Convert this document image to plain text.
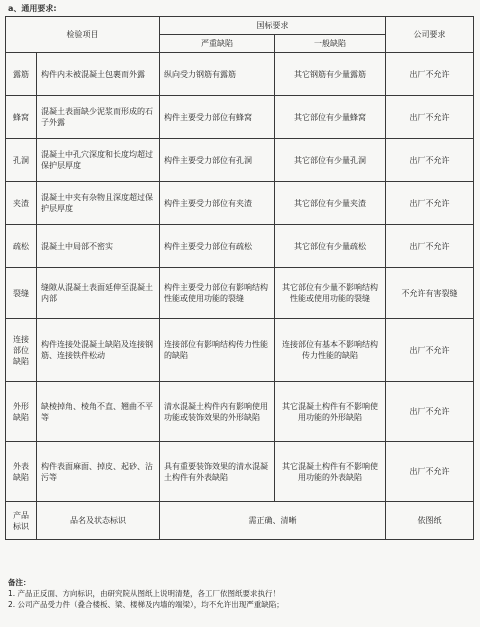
a、通用要求:
检验项目		国标要求		公司要求
		严重缺陷	一般缺陷	
露筋	构件内未被混凝土包裹而外露	纵向受力钢筋有露筋	其它钢筋有少量露筋	出厂不允许
蜂窝	混凝土表面缺少泥浆而形成的石子外露	构件主要受力部位有蜂窝	其它部位有少量蜂窝	出厂不允许
孔洞	混凝土中孔穴深度和长度均超过保护层厚度	构件主要受力部位有孔洞	其它部位有少量孔洞	出厂不允许
夹渣	混凝土中夹有杂物且深度超过保护层厚度	构件主要受力部位有夹渣	其它部位有少量夹渣	出厂不允许
疏松	混凝土中局部不密实	构件主要受力部位有疏松	其它部位有少量疏松	出厂不允许
裂缝	缝隙从混凝土表面延伸至混凝土内部	构件主要受力部位有影响结构性能或使用功能的裂缝	其它部位有少量不影响结构性能或使用功能的裂缝	不允许有害裂缝
连接部位缺陷	构件连接处混凝土缺陷及连接钢筋、连接铁件松动	连接部位有影响结构传力性能的缺陷	连接部位有基本不影响结构传力性能的缺陷	出厂不允许
外形缺陷	缺棱掉角、棱角不直、翘曲不平等	清水混凝土构件内有影响使用功能或装饰效果的外形缺陷	其它混凝土构件有不影响使用功能的外形缺陷	出厂不允许
外表缺陷	构件表面麻面、掉皮、起砂、沾污等	具有重要装饰效果的清水混凝土构件有外表缺陷	其它混凝土构件有不影响使用功能的外表缺陷	出厂不允许
产品标识	品名及状态标识	需正确、清晰		依图纸
备注：
1. 产品正反面、方向标识，由研究院从图纸上说明清楚，各工厂依图纸要求执行！
2. 公司产品受力件（叠合楼板、梁、楼梯及内墙的端梁），均不允许出现严重缺陷；
